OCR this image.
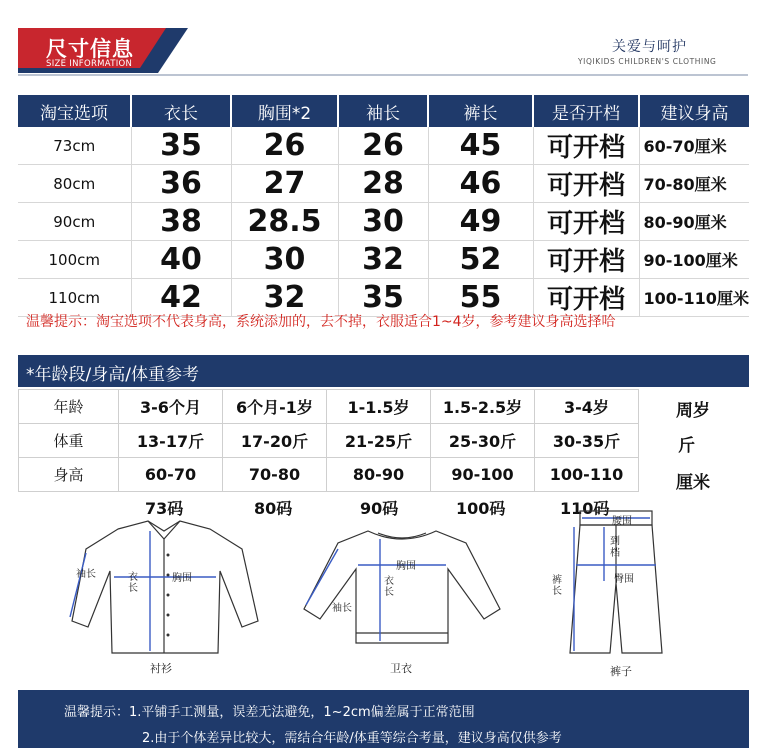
尺寸信息
SIZE INFORMATION
关爱与呵护
YIQIKIDS CHILDREN'S CLOTHING
淘宝选项	衣长	胸围*2	袖长	裤长	是否开档	建议身高
73cm	35	26	26	45	可开档	60-70厘米
80cm	36	27	28	46	可开档	70-80厘米
90cm	38	28.5	30	49	可开档	80-90厘米
100cm	40	30	32	52	可开档	90-100厘米
110cm	42	32	35	55	可开档	100-110厘米
温馨提示：淘宝选项不代表身高，系统添加的，去不掉，衣服适合1~4岁，参考建议身高选择哈
*年龄段/身高/体重参考
年龄	3-6个月	6个月-1岁	1-1.5岁	1.5-2.5岁	3-4岁
体重	13-17斤	17-20斤	21-25斤	25-30斤	30-35斤
身高	60-70	70-80	80-90	90-100	100-110
周岁
斤
厘米
73码	80码	90码	100码	110码
袖长	衣长
胸围
衬衫
胸围
衣长
袖长
卫衣
腰围
到档
臀围
裤长
裤子
温馨提示：1.平铺手工测量，误差无法避免，1~2cm偏差属于正常范围
2.由于个体差异比较大，需结合年龄/体重等综合考量，建议身高仅供参考
